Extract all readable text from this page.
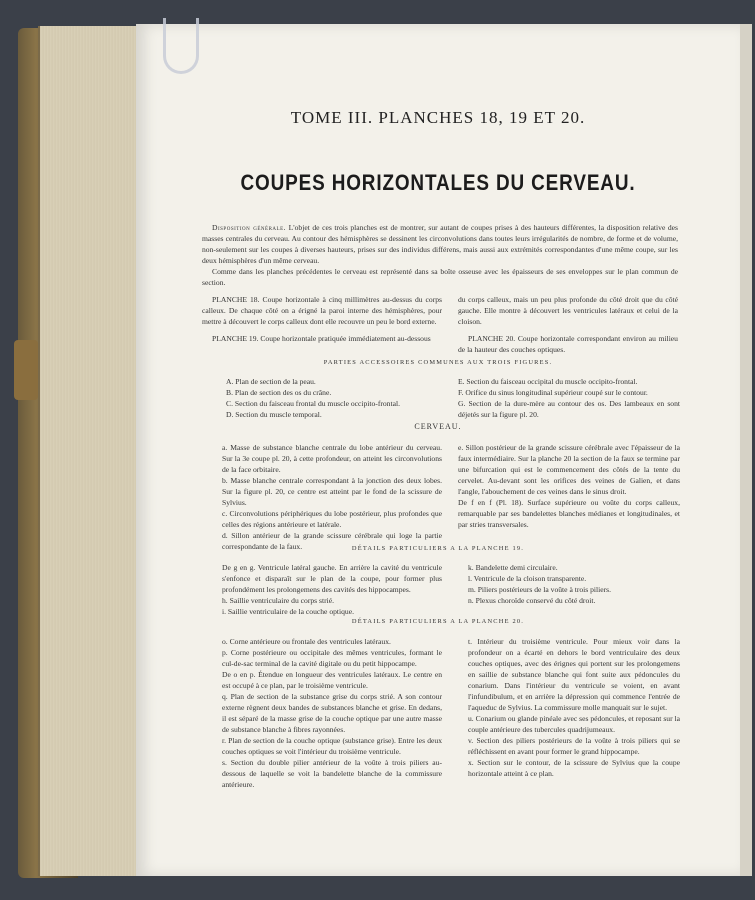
TOME III. PLANCHES 18, 19 ET 20.
COUPES HORIZONTALES DU CERVEAU.

Disposition générale. L'objet de ces trois planches est de montrer, sur autant de coupes prises à des hauteurs différentes, la disposition relative des masses centrales du cerveau. Au contour des hémisphères se dessinent les circonvolutions dans toutes leurs irrégularités de nombre, de forme et de volume, non-seulement sur les coupes à diverses hauteurs, prises sur des individus différens, mais aussi aux extrémités correspondantes d'une même coupe, sur les deux hémisphères d'un même cerveau.

Comme dans les planches précédentes le cerveau est représenté dans sa boîte osseuse avec les épaisseurs de ses enveloppes sur le plan commun de section.

PLANCHE 18. Coupe horizontale à cinq millimètres au-dessus du corps calleux. De chaque côté on a érigné la paroi interne des hémisphères, pour mettre à découvert le corps calleux dont elle recouvre un peu le bord externe.

PLANCHE 19. Coupe horizontale pratiquée immédiatement au-dessous

du corps calleux, mais un peu plus profonde du côté droit que du côté gauche. Elle montre à découvert les ventricules latéraux et celui de la cloison.

PLANCHE 20. Coupe horizontale correspondant environ au milieu de la hauteur des couches optiques.

PARTIES ACCESSOIRES COMMUNES AUX TROIS FIGURES.
A. Plan de section de la peau.
B. Plan de section des os du crâne.
C. Section du faisceau frontal du muscle occipito-frontal.
D. Section du muscle temporal.
E. Section du faisceau occipital du muscle occipito-frontal.
F. Orifice du sinus longitudinal supérieur coupé sur le contour.
G. Section de la dure-mère au contour des os. Des lambeaux en sont déjetés sur la figure pl. 20.
CERVEAU.
a. Masse de substance blanche centrale du lobe antérieur du cerveau. Sur la 3e coupe pl. 20, à cette profondeur, on atteint les circonvolutions de la face orbitaire.
b. Masse blanche centrale correspondant à la jonction des deux lobes. Sur la figure pl. 20, ce centre est atteint par le fond de la scissure de Sylvius.
c. Circonvolutions périphériques du lobe postérieur, plus profondes que celles des régions antérieure et latérale.
d. Sillon antérieur de la grande scissure cérébrale qui loge la partie correspondante de la faux.
e. Sillon postérieur de la grande scissure cérébrale avec l'épaisseur de la faux intermédiaire. Sur la planche 20 la section de la faux se termine par une bifurcation qui est le commencement des côtés de la tente du cervelet. Au-devant sont les orifices des veines de Galien, et dans l'angle, l'abouchement de ces veines dans le sinus droit.
De f en f (Pl. 18). Surface supérieure ou voûte du corps calleux, remarquable par ses bandelettes blanches médianes et longitudinales, et par stries transversales.
DÉTAILS PARTICULIERS A LA PLANCHE 19.
De g en g. Ventricule latéral gauche. En arrière la cavité du ventricule s'enfonce et disparaît sur le plan de la coupe, pour former plus profondément les prolongemens des cavités des hippocampes.
h. Saillie ventriculaire du corps strié.
i. Saillie ventriculaire de la couche optique.
k. Bandelette demi circulaire.
l. Ventricule de la cloison transparente.
m. Piliers postérieurs de la voûte à trois piliers.
n. Plexus choroïde conservé du côté droit.
DÉTAILS PARTICULIERS A LA PLANCHE 20.
o. Corne antérieure ou frontale des ventricules latéraux.
p. Corne postérieure ou occipitale des mêmes ventricules, formant le cul-de-sac terminal de la cavité digitale ou du petit hippocampe.
De o en p. Étendue en longueur des ventricules latéraux. Le centre en est occupé à ce plan, par le troisième ventricule.
q. Plan de section de la substance grise du corps strié. A son contour externe règnent deux bandes de substances blanche et grise. En dedans, il est séparé de la masse grise de la couche optique par une autre masse de substance blanche à fibres rayonnées.
r. Plan de section de la couche optique (substance grise). Entre les deux couches optiques se voit l'intérieur du troisième ventricule.
s. Section du double pilier antérieur de la voûte à trois piliers au-dessous de laquelle se voit la bandelette blanche de la commissure antérieure.
t. Intérieur du troisième ventricule. Pour mieux voir dans la profondeur on a écarté en dehors le bord ventriculaire des deux couches optiques, avec des érignes qui portent sur les prolongemens en saillie de substance blanche qui font suite aux pédoncules du conarium. Dans l'intérieur du ventricule se voient, en avant l'infundibulum, et en arrière la dépression qui commence l'entrée de l'aqueduc de Sylvius. La commissure molle manquait sur le sujet.
u. Conarium ou glande pinéale avec ses pédoncules, et reposant sur la couple antérieure des tubercules quadrijumeaux.
v. Section des piliers postérieurs de la voûte à trois piliers qui se réfléchissent en avant pour former le grand hippocampe.
x. Section sur le contour, de la scissure de Sylvius que la coupe horizontale atteint à ce plan.
